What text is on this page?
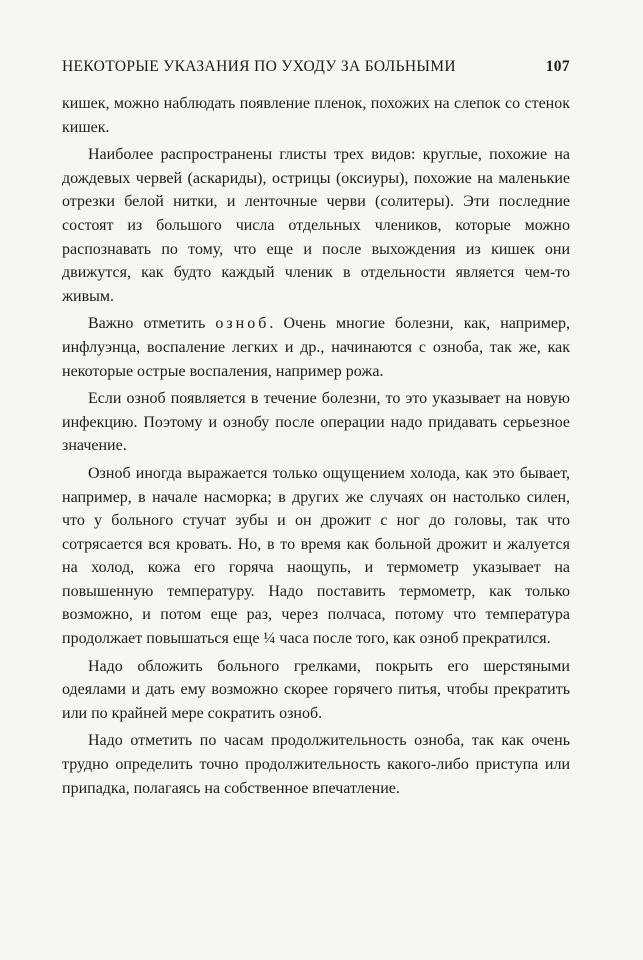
НЕКОТОРЫЕ УКАЗАНИЯ ПО УХОДУ ЗА БОЛЬНЫМИ	107

кишек, можно наблюдать появление пленок, похожих на слепок со стенок кишек.

Наиболее распространены глисты трех видов: круглые, похожие на дождевых червей (аскариды), острицы (оксиуры), похожие на маленькие отрезки белой нитки, и ленточные черви (солитеры). Эти последние состоят из большого числа отдельных члеников, которые можно распознавать по тому, что еще и после выхождения из кишек они движутся, как будто каждый членик в отдельности является чем-то живым.

Важно отметить озноб. Очень многие болезни, как, например, инфлуэнца, воспаление легких и др., начинаются с озноба, так же, как некоторые острые воспаления, например рожа.

Если озноб появляется в течение болезни, то это указывает на новую инфекцию. Поэтому и ознобу после операции надо придавать серьезное значение.

Озноб иногда выражается только ощущением холода, как это бывает, например, в начале насморка; в других же случаях он настолько силен, что у больного стучат зубы и он дрожит с ног до головы, так что сотрясается вся кровать. Но, в то время как больной дрожит и жалуется на холод, кожа его горяча наощупь, и термометр указывает на повышенную температуру. Надо поставить термометр, как только возможно, и потом еще раз, через полчаса, потому что температура продолжает повышаться еще ¼ часа после того, как озноб прекратился.

Надо обложить больного грелками, покрыть его шерстяными одеялами и дать ему возможно скорее горячего питья, чтобы прекратить или по крайней мере сократить озноб.

Надо отметить по часам продолжительность озноба, так как очень трудно определить точно продолжительность какого-либо приступа или припадка, полагаясь на собственное впечатление.
